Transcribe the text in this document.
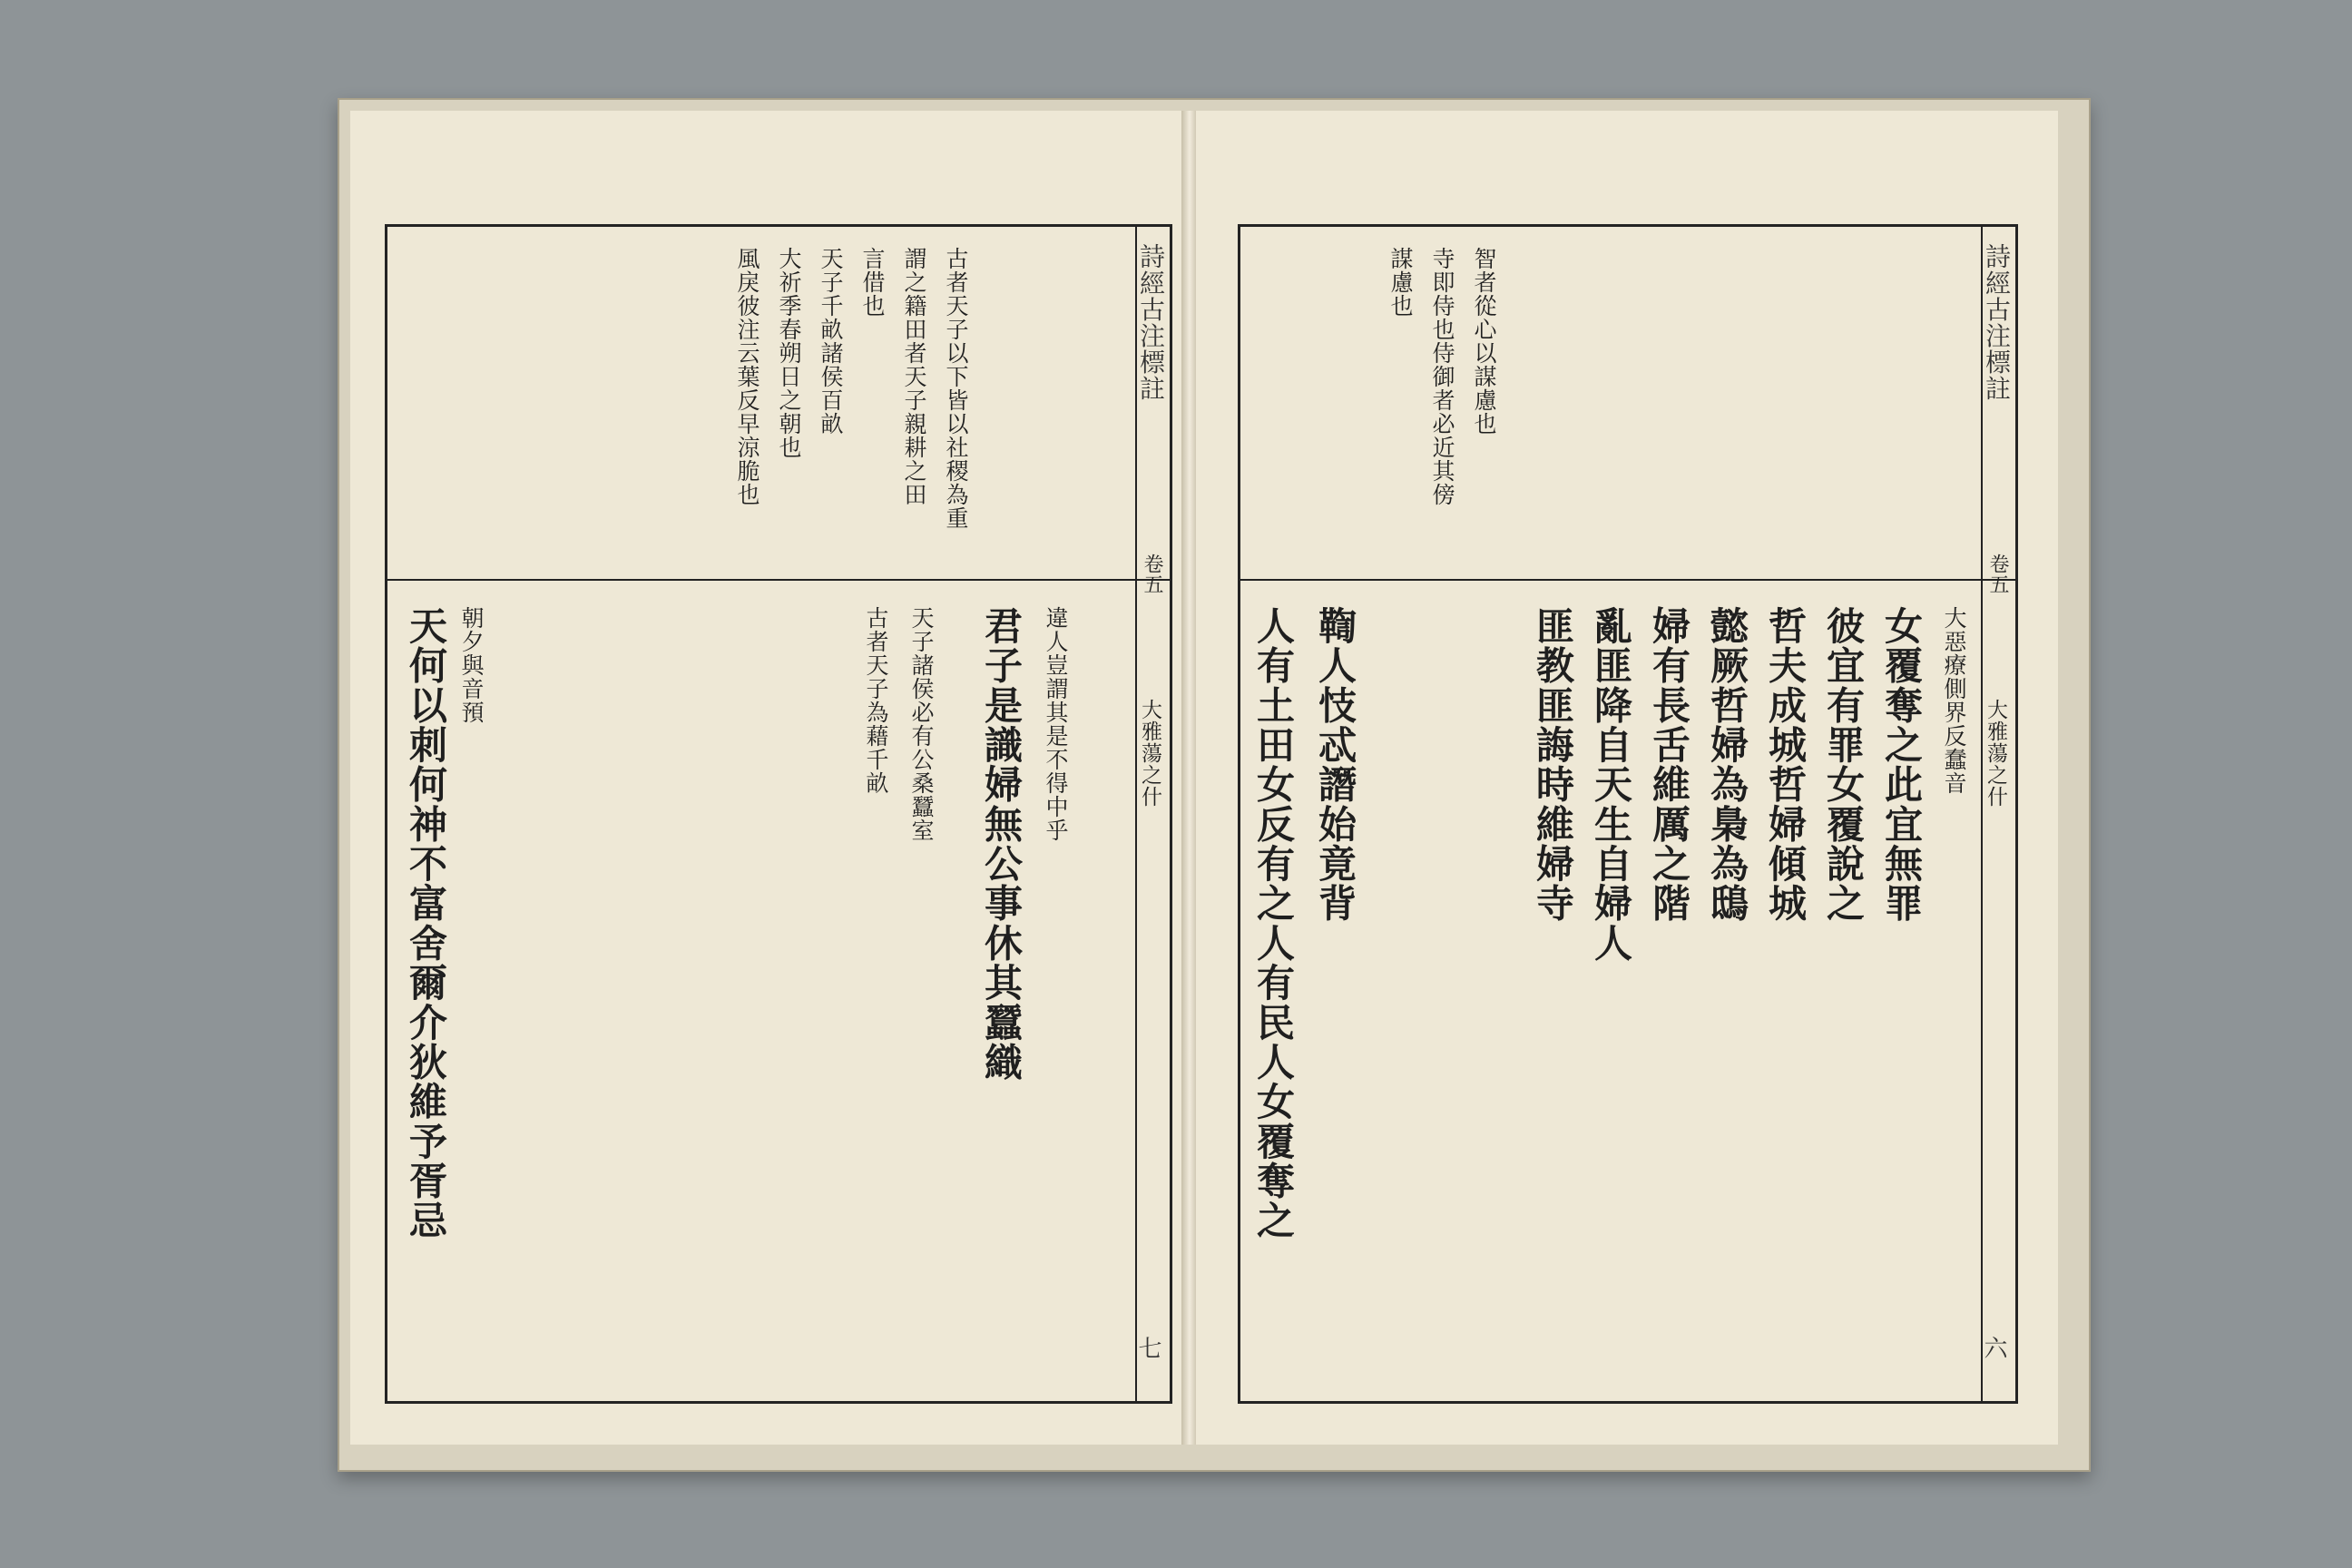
詩經古注標註
卷五
大雅蕩之什
七
古者天子以下皆以社稷為重
謂之籍田者天子親耕之田
言借也
天子千畝諸侯百畝
大祈季春朔日之朝也
風戾彼注云葉反早涼脆也
違人豈謂其是不得中乎
君子是識婦無公事休其蠶織
天子諸侯必有公桑蠶室
古者天子為藉千畝
朝夕與音預
天何以刺何神不富舍爾介狄維予胥忌
詩經古注標註
卷五
大雅蕩之什
六
智者從心以謀慮也
寺即侍也侍御者必近其傍
謀慮也
大惡療側界反蠢音
女覆奪之此宜無罪
彼宜有罪女覆說之
哲夫成城哲婦傾城
懿厥哲婦為梟為鴟
婦有長舌維厲之階
亂匪降自天生自婦人
匪教匪誨時維婦寺
鞫人忮忒譖始竟背
人有土田女反有之人有民人女覆奪之
